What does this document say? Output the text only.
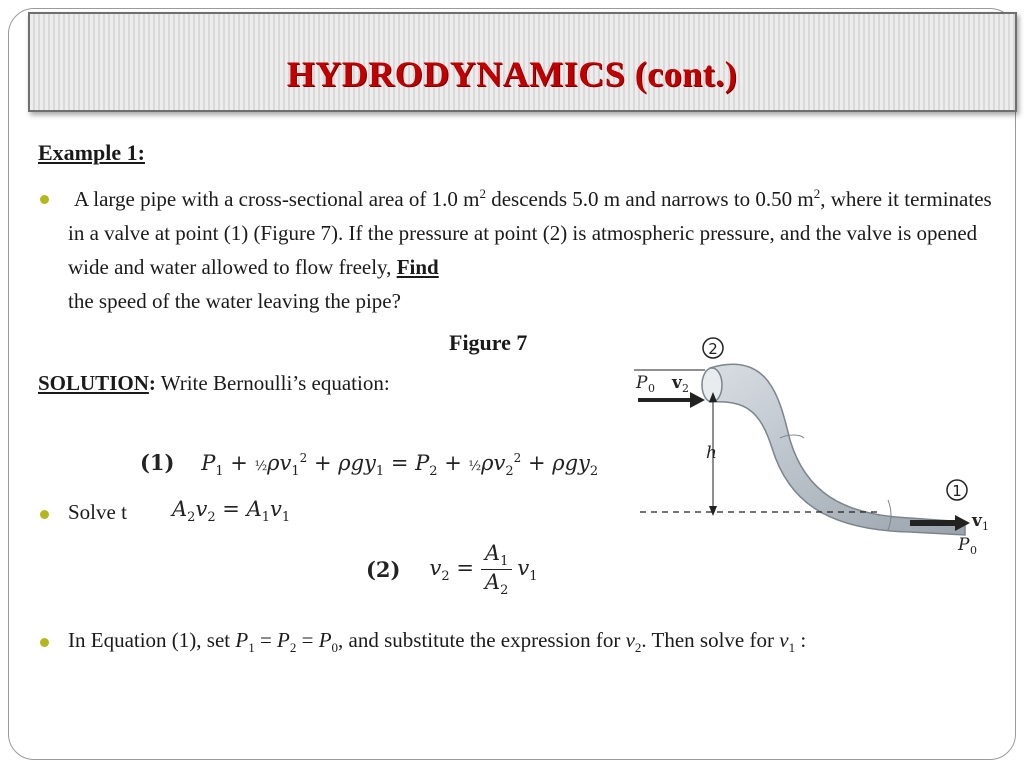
HYDRODYNAMICS (cont.)
Example 1:
A large pipe with a cross-sectional area of 1.0 $m^2$ descends 5.0 m and narrows to 0.50 $m^2$, where it terminates in a valve at point (1) (Figure 7). If the pressure at point (2) is atmospheric pressure, and the valve is opened wide and water allowed to flow freely, Find
the speed of the water leaving the pipe?
Figure 7
SOLUTION: Write Bernoulli’s equation:
(1) $P_1$ + $\frac{1}{2}\rho v_1^2 + \rho gy_1 = P_2$ + $\frac{1}{2}\rho v_2^2 + \rho gy_2$
Solve t $A_2v_2 = A_1v_1$
(2)	$v_2$ =	
$A_1$
$A_2$
	$v_1$
In Equation (1), set $P_1 = P_2 = P_0$, and substitute the expression for $v_2$. Then solve for $v_1$ :
2
P 0 v 2
h
1
v 1
P 0
